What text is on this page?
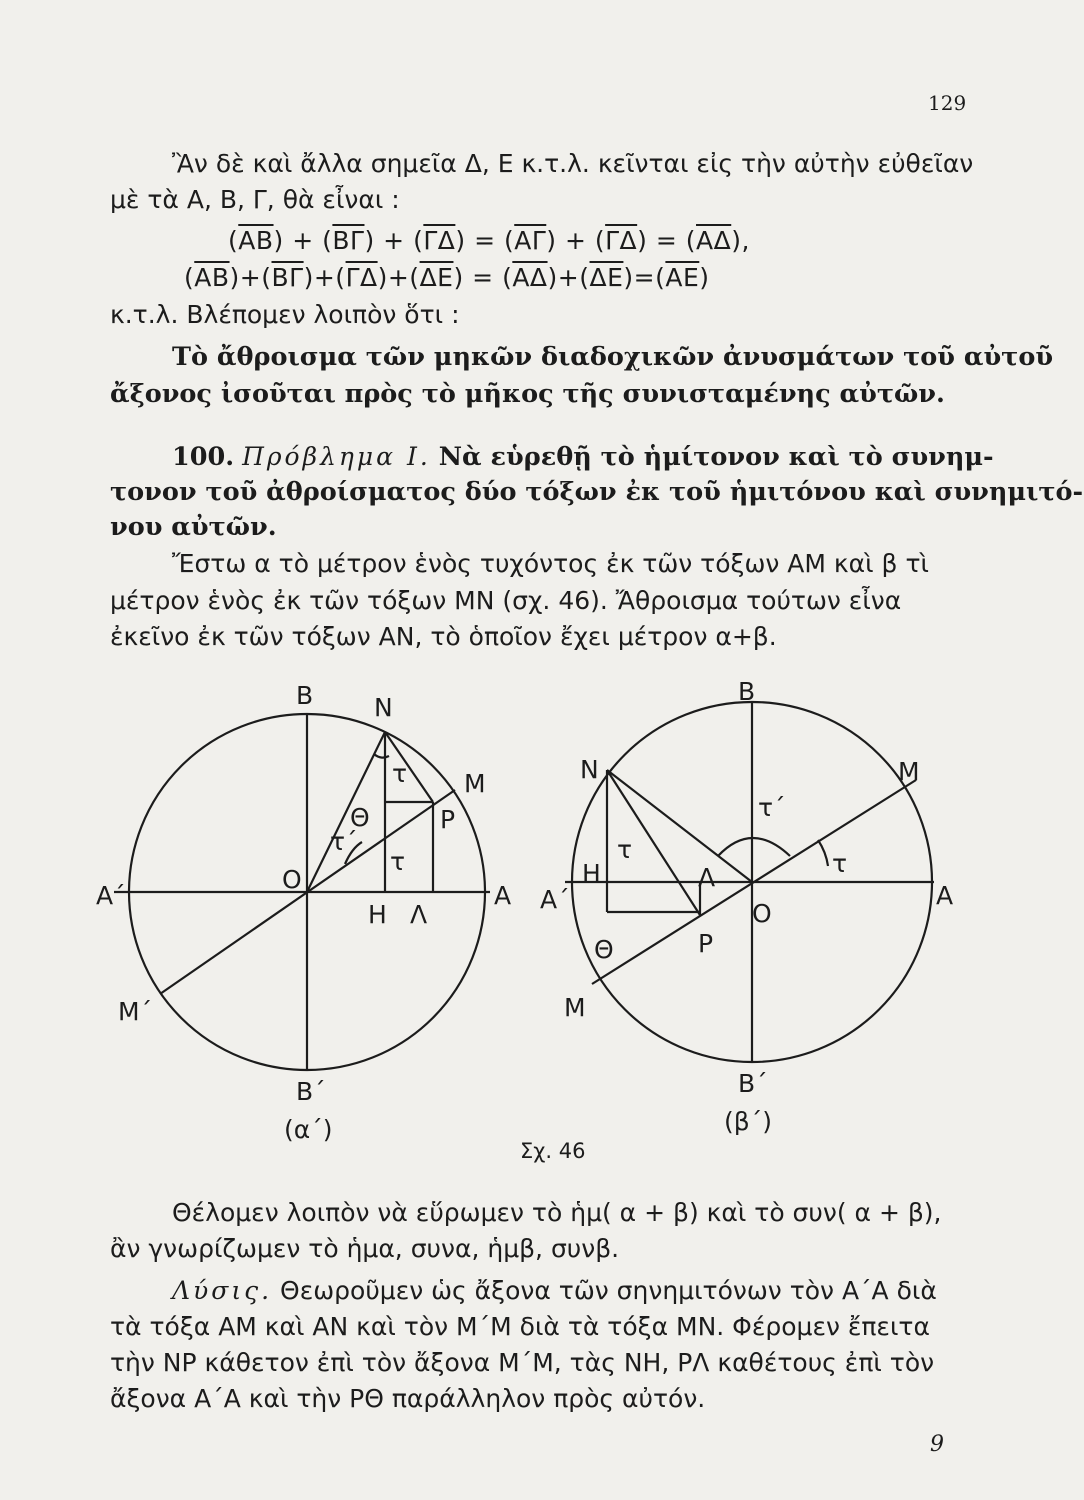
129
Ἂν δὲ καὶ ἄλλα σημεῖα Δ, Ε κ.τ.λ. κεῖνται εἰς τὴν αὐτὴν εὐθεῖαν
μὲ τὰ Α, Β, Γ, θὰ εἶναι :
$(\overline{AB}) + (\overline{B\Gamma}) + (\overline{\Gamma\Delta}) = (\overline{A\Gamma}) + (\overline{\Gamma\Delta}) = (\overline{A\Delta})$,
$(\overline{AB})+(\overline{B\Gamma})+(\overline{\Gamma\Delta})+(\overline{\Delta E}) = (\overline{A\Delta})+(\overline{\Delta E})=(\overline{AE})$
κ.τ.λ. Βλέπομεν λοιπὸν ὅτι :
Τὸ ἄθροισμα τῶν μηκῶν διαδοχικῶν ἀνυσμάτων τοῦ αὐτοῦ
ἄξονος ἰσοῦται πρὸς τὸ μῆκος τῆς συνισταμένης αὐτῶν.
100. Πρόβλημα Ι. Νὰ εὑρεθῇ τὸ ἡμίτονον καὶ τὸ συνημ-
τονον τοῦ ἀθροίσματος δύο τόξων ἐκ τοῦ ἡμιτόνου καὶ συνημιτό-
νου αὐτῶν.
Ἔστω α τὸ μέτρον ἑνὸς τυχόντος ἐκ τῶν τόξων ΑΜ καὶ β τὶ
μέτρον ἑνὸς ἐκ τῶν τόξων ΜΝ (σχ. 46). Ἄθροισμα τούτων εἶνα
ἐκεῖνο ἐκ τῶν τόξων ΑΝ, τὸ ὁποῖον ἔχει μέτρον α+β.
Β Ν
Μ
Α΄	Α
Ο
Η Λ
Ρ
Θ
Μ΄
Β΄
τ
τ
τ΄
(α΄)
Β
Ν	Μ
Α΄	Α
Ο
Η	Λ
Ρ
Θ
Μ
Β΄
τ	τ
τ΄
(β΄)
Σχ. 46
Θέλομεν λοιπὸν νὰ εὕρωμεν τὸ ἡμ( α + β) καὶ τὸ συν( α + β),
ἂν γνωρίζωμεν τὸ ἡμα, συνα, ἡμβ, συνβ.
Λύσις. Θεωροῦμεν ὡς ἄξονα τῶν σηνημιτόνων τὸν Α΄Α διὰ
τὰ τόξα ΑΜ καὶ ΑΝ καὶ τὸν Μ΄Μ διὰ τὰ τόξα ΜΝ. Φέρομεν ἔπειτα
τὴν ΝΡ κάθετον ἐπὶ τὸν ἄξονα Μ΄Μ, τὰς ΝΗ, ΡΛ καθέτους ἐπὶ τὸν
ἄξονα Α΄Α καὶ τὴν ΡΘ παράλληλον πρὸς αὐτόν.
9
